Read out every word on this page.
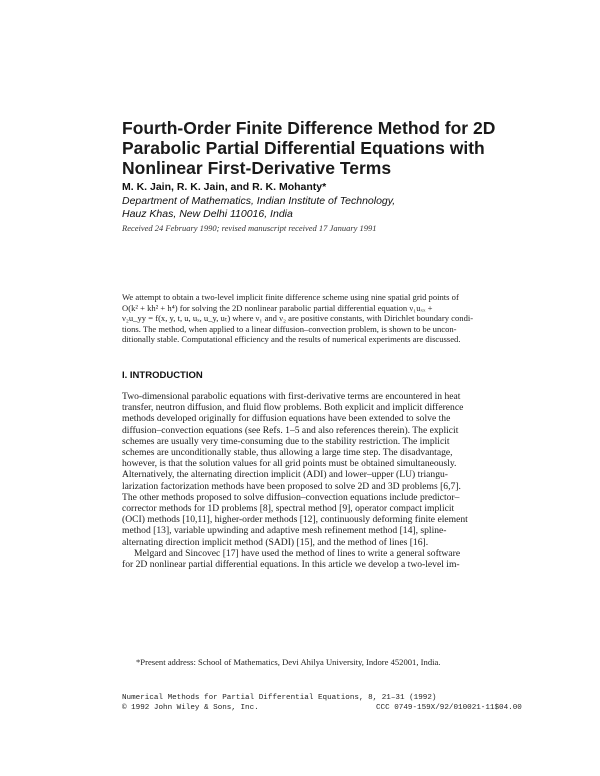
Fourth-Order Finite Difference Method for 2D
Parabolic Partial Differential Equations with
Nonlinear First-Derivative Terms
M. K. Jain, R. K. Jain, and R. K. Mohanty*
Department of Mathematics, Indian Institute of Technology,
Hauz Khas, New Delhi 110016, India
Received 24 February 1990; revised manuscript received 17 January 1991
We attempt to obtain a two-level implicit finite difference scheme using nine spatial grid points of
O(k² + kh² + h⁴) for solving the 2D nonlinear parabolic partial differential equation ν₁uₓₓ +
ν₂u_yy = f(x, y, t, u, uₓ, u_y, uₜ) where ν₁ and ν₂ are positive constants, with Dirichlet boundary condi-
tions. The method, when applied to a linear diffusion–convection problem, is shown to be uncon-
ditionally stable. Computational efficiency and the results of numerical experiments are discussed.
I. INTRODUCTION
Two-dimensional parabolic equations with first-derivative terms are encountered in heat
transfer, neutron diffusion, and fluid flow problems. Both explicit and implicit difference
methods developed originally for diffusion equations have been extended to solve the
diffusion–convection equations (see Refs. 1–5 and also references therein). The explicit
schemes are usually very time-consuming due to the stability restriction. The implicit
schemes are unconditionally stable, thus allowing a large time step. The disadvantage,
however, is that the solution values for all grid points must be obtained simultaneously.
Alternatively, the alternating direction implicit (ADI) and lower–upper (LU) triangu-
larization factorization methods have been proposed to solve 2D and 3D problems [6,7].
The other methods proposed to solve diffusion–convection equations include predictor–
corrector methods for 1D problems [8], spectral method [9], operator compact implicit
(OCI) methods [10,11], higher-order methods [12], continuously deforming finite element
method [13], variable upwinding and adaptive mesh refinement method [14], spline-
alternating direction implicit method (SADI) [15], and the method of lines [16].
Melgard and Sincovec [17] have used the method of lines to write a general software
for 2D nonlinear partial differential equations. In this article we develop a two-level im-
*Present address: School of Mathematics, Devi Ahilya University, Indore 452001, India.
Numerical Methods for Partial Differential Equations, 8, 21–31 (1992)
© 1992 John Wiley & Sons, Inc.	CCC 0749-159X/92/010021-11$04.00
